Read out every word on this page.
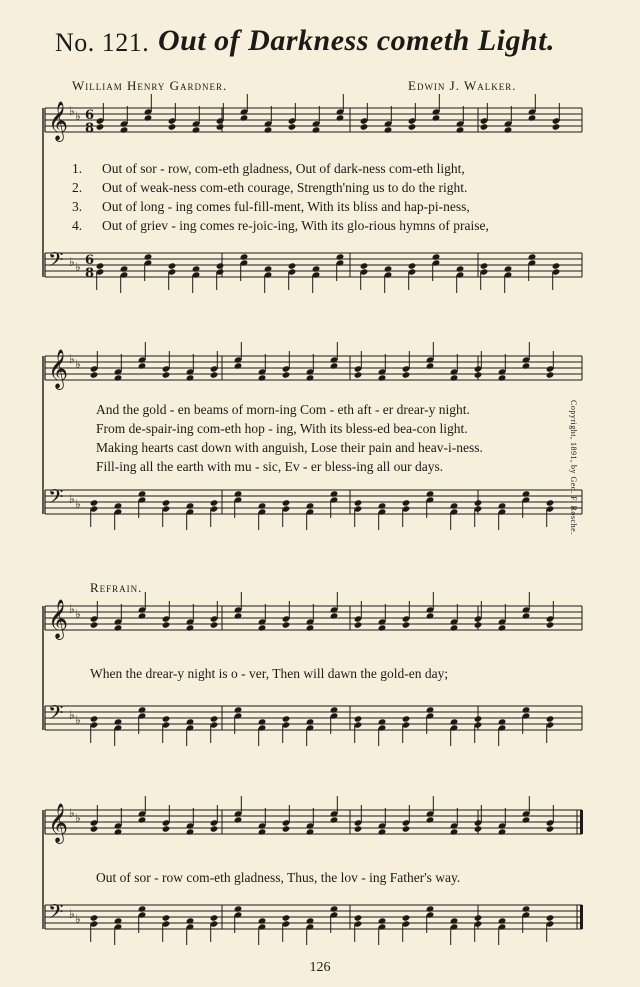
No. 121. Out of Darkness cometh Light.
William Henry Gardner.	Edwin J. Walker.
Copyright, 1891, by Geo. F. Rosche.
Refrain.
𝄞 ♭ ♭ 6
8
𝄢 ♭ ♭ 6
8
𝄞 ♭ ♭
𝄢 ♭ ♭
𝄞 ♭ ♭
𝄢 ♭ ♭
𝄞 ♭ ♭
𝄢 ♭ ♭
1. Out of sor - row, com-eth gladness, Out of dark-ness com-eth light,
2. Out of weak-ness com-eth courage, Strength'ning us to do the right.
3. Out of long - ing comes ful-fill-ment, With its bliss and hap-pi-ness,
4. Out of griev - ing comes re-joic-ing, With its glo-rious hymns of praise,
And the gold - en beams of morn-ing Com - eth aft - er drear-y night.
From de-spair-ing com-eth hop - ing, With its bless-ed bea-con light.
Making hearts cast down with anguish, Lose their pain and heav-i-ness.
Fill-ing all the earth with mu - sic, Ev - er bless-ing all our days.
When the drear-y night is o - ver, Then will dawn the gold-en day;
Out of sor - row com-eth gladness, Thus, the lov - ing Father's way.
126
